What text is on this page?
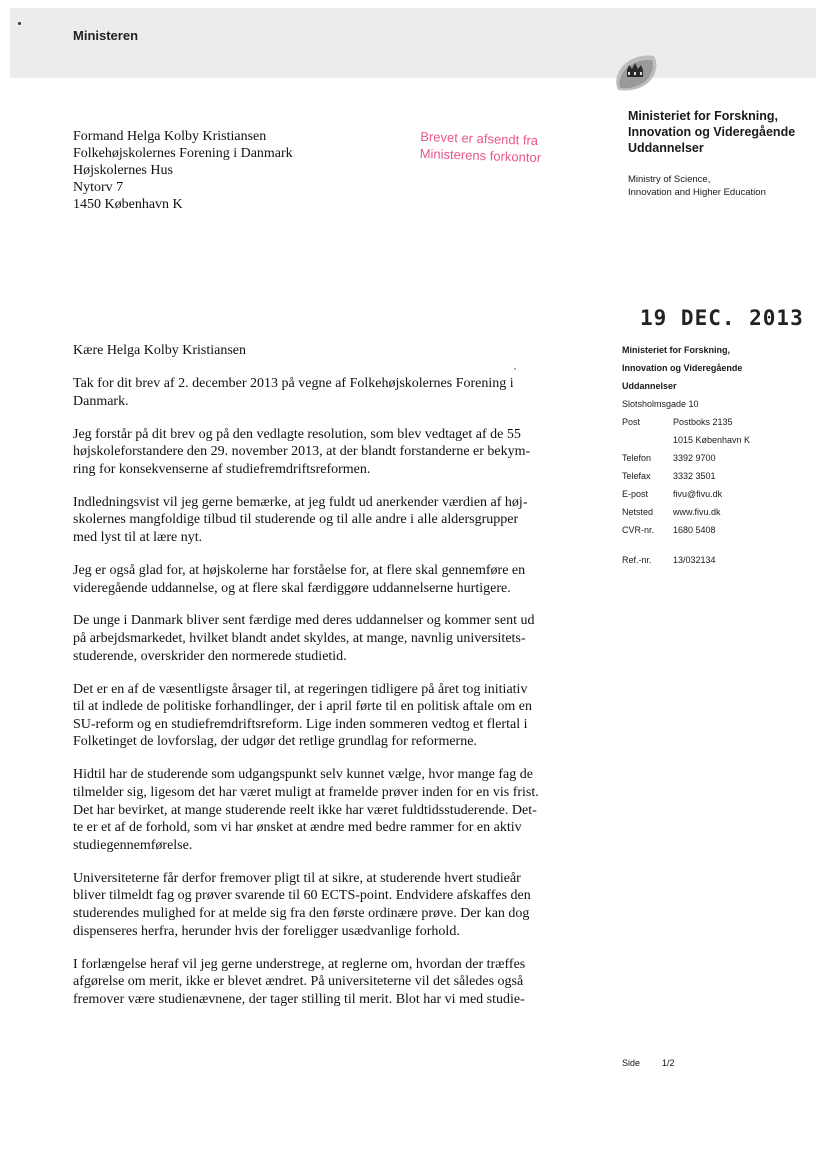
Ministeren
Ministeriet for Forskning,
Innovation og Videregående
Uddannelser
Ministry of Science,
Innovation and Higher Education
Formand Helga Kolby Kristiansen
Folkehøjskolernes Forening i Danmark
Højskolernes Hus
Nytorv 7
1450 København K
Brevet er afsendt fra
Ministerens forkontor
19 DEC. 2013
Ministeriet for Forskning,
Innovation og Videregående
Uddannelser
Slotsholmsgade 10
Post	Postboks 2135
1015 København K
Telefon	3392 9700
Telefax	3332 3501
E-post	fivu@fivu.dk
Netsted	www.fivu.dk
CVR-nr.	1680 5408
Ref.-nr.	13/032134

Kære Helga Kolby Kristiansen

Tak for dit brev af 2. december 2013 på vegne af Folkehøjskolernes Forening i
Danmark.

Jeg forstår på dit brev og på den vedlagte resolution, som blev vedtaget af de 55
højskoleforstandere den 29. november 2013, at der blandt forstanderne er bekym-
ring for konsekvenserne af studiefremdriftsreformen.

Indledningsvist vil jeg gerne bemærke, at jeg fuldt ud anerkender værdien af høj-
skolernes mangfoldige tilbud til studerende og til alle andre i alle aldersgrupper
med lyst til at lære nyt.

Jeg er også glad for, at højskolerne har forståelse for, at flere skal gennemføre en
videregående uddannelse, og at flere skal færdiggøre uddannelserne hurtigere.

De unge i Danmark bliver sent færdige med deres uddannelser og kommer sent ud
på arbejdsmarkedet, hvilket blandt andet skyldes, at mange, navnlig universitets-
studerende, overskrider den normerede studietid.

Det er en af de væsentligste årsager til, at regeringen tidligere på året tog initiativ
til at indlede de politiske forhandlinger, der i april førte til en politisk aftale om en
SU-reform og en studiefremdriftsreform. Lige inden sommeren vedtog et flertal i
Folketinget de lovforslag, der udgør det retlige grundlag for reformerne.

Hidtil har de studerende som udgangspunkt selv kunnet vælge, hvor mange fag de
tilmelder sig, ligesom det har været muligt at framelde prøver inden for en vis frist.
Det har bevirket, at mange studerende reelt ikke har været fuldtidsstuderende. Det-
te er et af de forhold, som vi har ønsket at ændre med bedre rammer for en aktiv
studiegennemførelse.

Universiteterne får derfor fremover pligt til at sikre, at studerende hvert studieår
bliver tilmeldt fag og prøver svarende til 60 ECTS-point. Endvidere afskaffes den
studerendes mulighed for at melde sig fra den første ordinære prøve. Der kan dog
dispenseres herfra, herunder hvis der foreligger usædvanlige forhold.

I forlængelse heraf vil jeg gerne understrege, at reglerne om, hvordan der træffes
afgørelse om merit, ikke er blevet ændret. På universiteterne vil det således også
fremover være studienævnene, der tager stilling til merit. Blot har vi med studie-

Side 1/2
